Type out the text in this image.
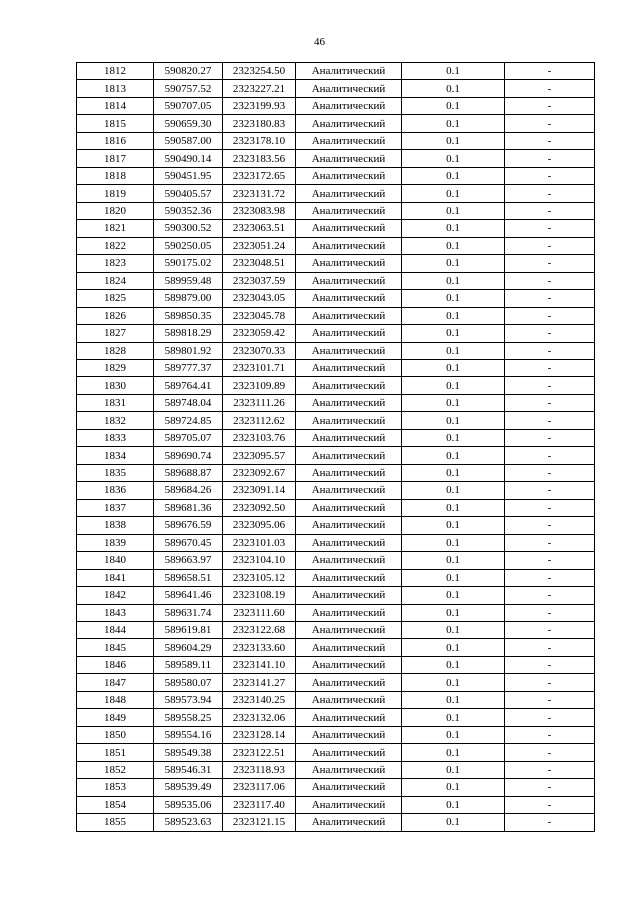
46
1812	590820.27	2323254.50	Аналитический	0.1	-
1813	590757.52	2323227.21	Аналитический	0.1	-
1814	590707.05	2323199.93	Аналитический	0.1	-
1815	590659.30	2323180.83	Аналитический	0.1	-
1816	590587.00	2323178.10	Аналитический	0.1	-
1817	590490.14	2323183.56	Аналитический	0.1	-
1818	590451.95	2323172.65	Аналитический	0.1	-
1819	590405.57	2323131.72	Аналитический	0.1	-
1820	590352.36	2323083.98	Аналитический	0.1	-
1821	590300.52	2323063.51	Аналитический	0.1	-
1822	590250.05	2323051.24	Аналитический	0.1	-
1823	590175.02	2323048.51	Аналитический	0.1	-
1824	589959.48	2323037.59	Аналитический	0.1	-
1825	589879.00	2323043.05	Аналитический	0.1	-
1826	589850.35	2323045.78	Аналитический	0.1	-
1827	589818.29	2323059.42	Аналитический	0.1	-
1828	589801.92	2323070.33	Аналитический	0.1	-
1829	589777.37	2323101.71	Аналитический	0.1	-
1830	589764.41	2323109.89	Аналитический	0.1	-
1831	589748.04	2323111.26	Аналитический	0.1	-
1832	589724.85	2323112.62	Аналитический	0.1	-
1833	589705.07	2323103.76	Аналитический	0.1	-
1834	589690.74	2323095.57	Аналитический	0.1	-
1835	589688.87	2323092.67	Аналитический	0.1	-
1836	589684.26	2323091.14	Аналитический	0.1	-
1837	589681.36	2323092.50	Аналитический	0.1	-
1838	589676.59	2323095.06	Аналитический	0.1	-
1839	589670.45	2323101.03	Аналитический	0.1	-
1840	589663.97	2323104.10	Аналитический	0.1	-
1841	589658.51	2323105.12	Аналитический	0.1	-
1842	589641.46	2323108.19	Аналитический	0.1	-
1843	589631.74	2323111.60	Аналитический	0.1	-
1844	589619.81	2323122.68	Аналитический	0.1	-
1845	589604.29	2323133.60	Аналитический	0.1	-
1846	589589.11	2323141.10	Аналитический	0.1	-
1847	589580.07	2323141.27	Аналитический	0.1	-
1848	589573.94	2323140.25	Аналитический	0.1	-
1849	589558.25	2323132.06	Аналитический	0.1	-
1850	589554.16	2323128.14	Аналитический	0.1	-
1851	589549.38	2323122.51	Аналитический	0.1	-
1852	589546.31	2323118.93	Аналитический	0.1	-
1853	589539.49	2323117.06	Аналитический	0.1	-
1854	589535.06	2323117.40	Аналитический	0.1	-
1855	589523.63	2323121.15	Аналитический	0.1	-
